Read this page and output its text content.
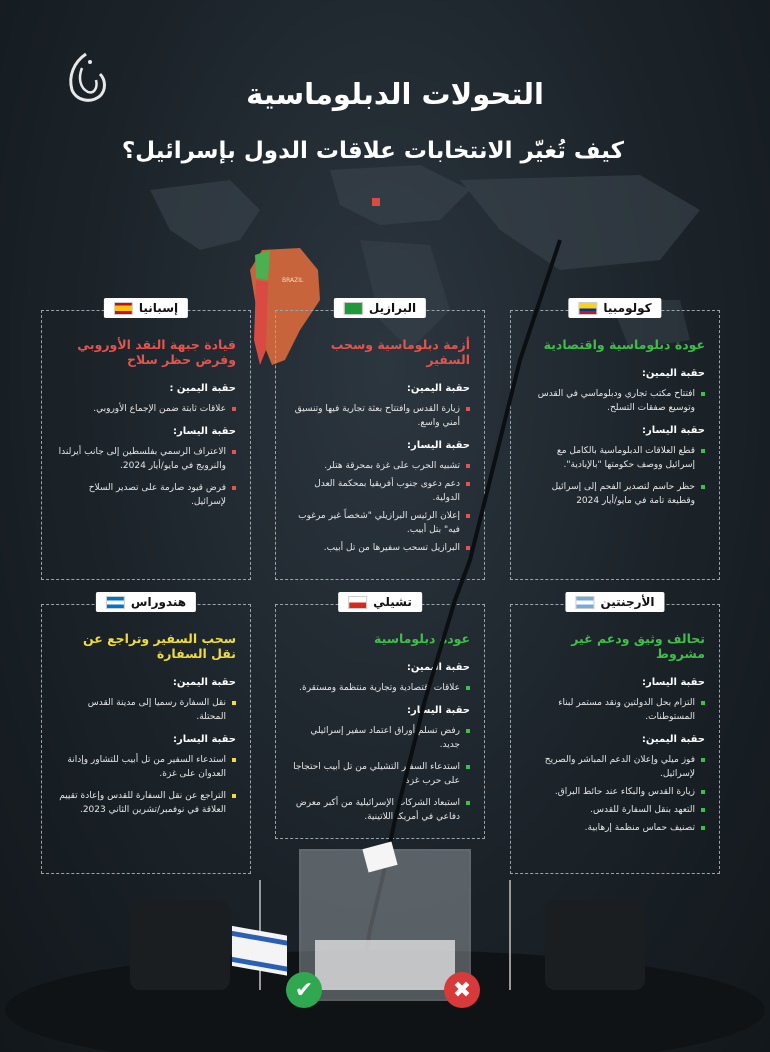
BRAZIL
التحولات الدبلوماسية
كيف تُغيّر الانتخابات علاقات الدول بإسرائيل؟
إسبانيا
قيادة جبهة النقد الأوروبي وفرض حظر سلاح
حقبة اليمين :
علاقات ثابتة ضمن الإجماع الأوروبي.
حقبة اليسار:
الاعتراف الرسمي بفلسطين إلى جانب أيرلندا والنرويج في مايو/أيار 2024.
فرض قيود صارمة على تصدير السلاح لإسرائيل.
البرازيل
أزمة دبلوماسية وسحب السفير
حقبة اليمين:
زيارة القدس وافتتاح بعثة تجارية فيها وتنسيق أمني واسع.
حقبة اليسار:
تشبيه الحرب على غزة بمحرقة هتلر.
دعم دعوى جنوب أفريقيا بمحكمة العدل الدولية.
إعلان الرئيس البرازيلي "شخصاً غير مرغوب فيه" بتل أبيب.
البرازيل تسحب سفيرها من تل أبيب.
كولومبيا
عودة دبلوماسية واقتصادية
حقبة اليمين:
افتتاح مكتب تجاري ودبلوماسي في القدس وتوسيع صفقات التسلح.
حقبة اليسار:
قطع العلاقات الدبلوماسية بالكامل مع إسرائيل ووصف حكومتها "بالإبادية".
حظر حاسم لتصدير الفحم إلى إسرائيل وقطيعة تامة في مايو/أيار 2024
هندوراس
سحب السفير وتراجع عن نقل السفارة
حقبة اليمين:
نقل السفارة رسميا إلى مدينة القدس المحتلة.
حقبة اليسار:
استدعاء السفير من تل أبيب للتشاور وإدانة العدوان على غزة.
التراجع عن نقل السفارة للقدس وإعادة تقييم العلاقة في نوفمبر/تشرين الثاني 2023.
تشيلي
عودة دبلوماسية
حقبة اليمين:
علاقات اقتصادية وتجارية منتظمة ومستقرة.
حقبة اليسار:
رفض تسلم أوراق اعتماد سفير إسرائيلي جديد.
استدعاء السفير التشيلي من تل أبيب احتجاجا على حرب غزة.
استبعاد الشركات الإسرائيلية من أكبر معرض دفاعي في أمريكا اللاتينية.
الأرجنتين
تحالف وثيق ودعم غير مشروط
حقبة اليسار:
التزام بحل الدولتين ونقد مستمر لبناء المستوطنات.
حقبة اليمين:
فوز ميلي وإعلان الدعم المباشر والصريح لإسرائيل.
زيارة القدس والبكاء عند حائط البراق.
التعهد بنقل السفارة للقدس.
تصنيف حماس منظمة إرهابية.
✔	✖
